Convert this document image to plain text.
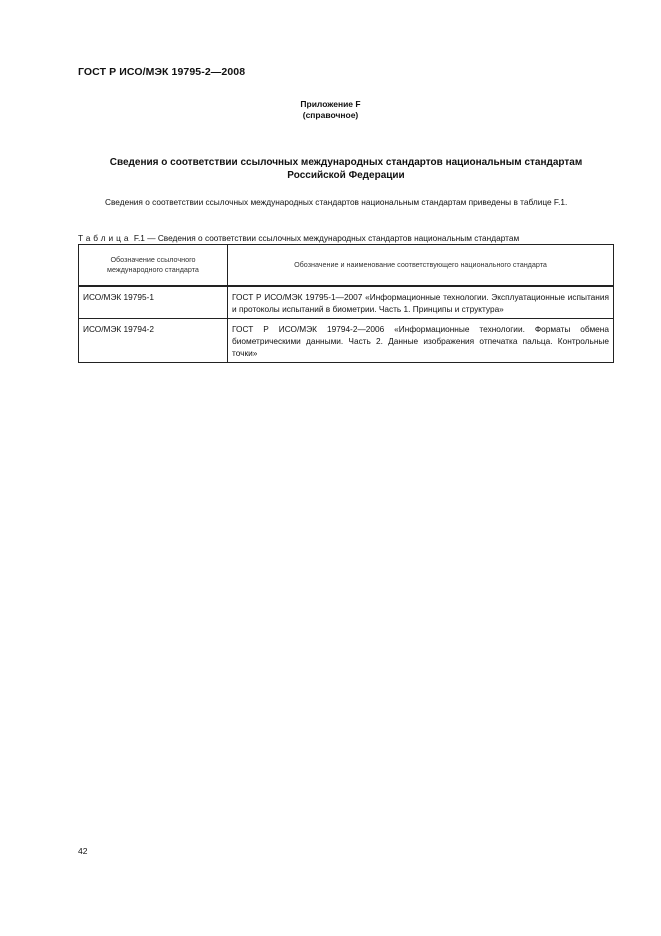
ГОСТ Р ИСО/МЭК 19795-2—2008
Приложение F
(справочное)
Сведения о соответствии ссылочных международных стандартов национальным стандартам
Российской Федерации

Сведения о соответствии ссылочных международных стандартов национальным стандартам приведены в таблице F.1.

Таблица F.1 — Сведения о соответствии ссылочных международных стандартов национальным стандартам
Обозначение ссылочного международного стандарта	Обозначение и наименование соответствующего национального стандарта
ИСО/МЭК 19795-1	ГОСТ Р ИСО/МЭК 19795-1—2007 «Информационные технологии. Эксплуатационные испытания и протоколы испытаний в биометрии. Часть 1. Принципы и структура»
ИСО/МЭК 19794-2	ГОСТ Р ИСО/МЭК 19794-2—2006 «Информационные технологии. Форматы обмена биометрическими данными. Часть 2. Данные изображения отпечатка пальца. Контрольные точки»
42
